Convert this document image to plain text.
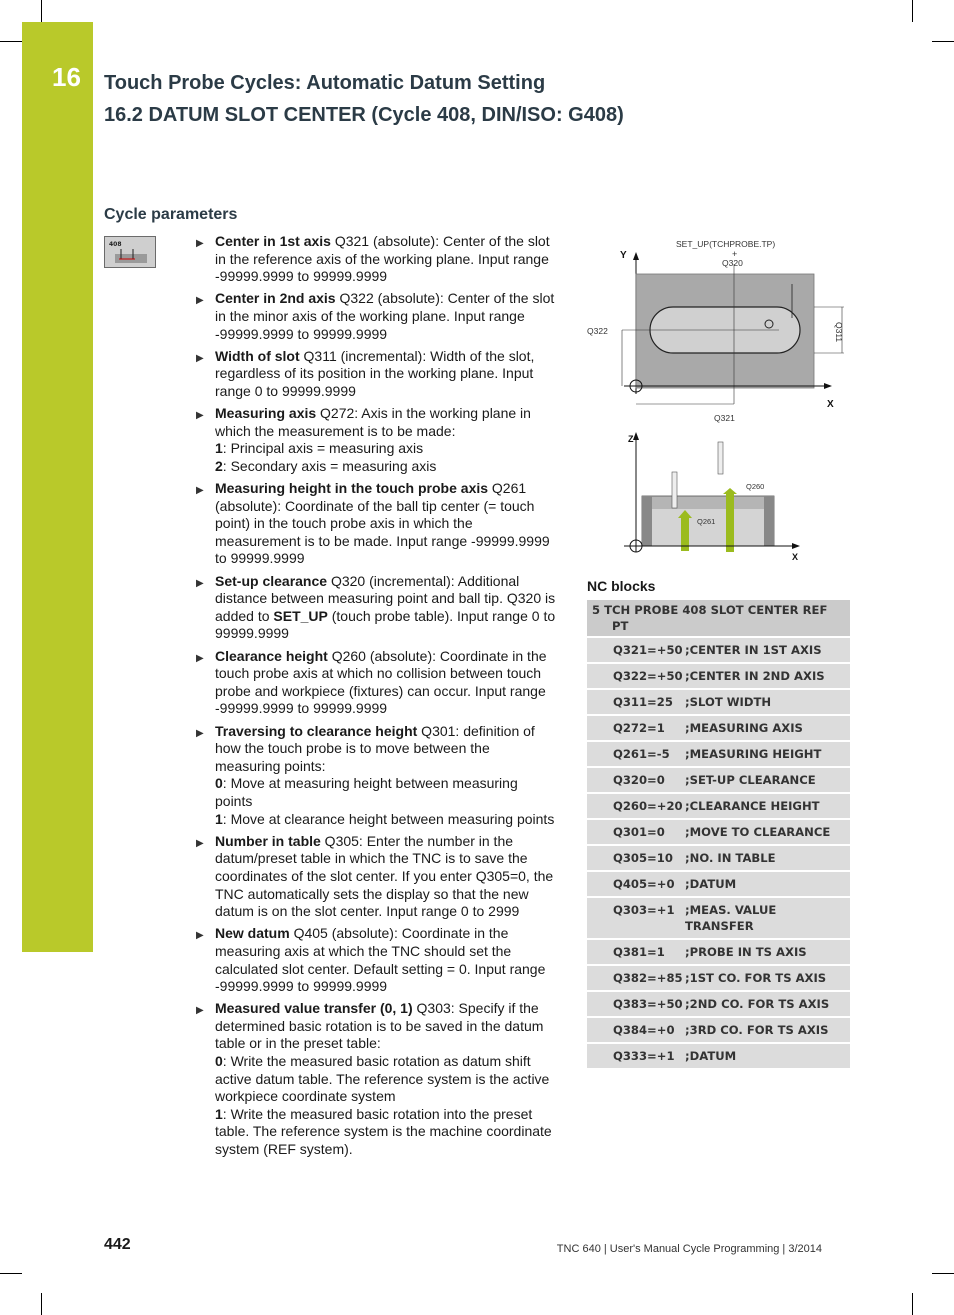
16 Touch Probe Cycles: Automatic Datum Setting
16.2 DATUM SLOT CENTER (Cycle 408, DIN/ISO: G408)
Cycle parameters
408	▶ Center in 1st axis Q321 (absolute): Center of the slot in the reference axis of the working plane. Input range -99999.9999 to 99999.9999
▶ Center in 2nd axis Q322 (absolute): Center of the slot in the minor axis of the working plane. Input range -99999.9999 to 99999.9999
▶ Width of slot Q311 (incremental): Width of the slot, regardless of its position in the working plane. Input range 0 to 99999.9999
▶ Measuring axis Q272: Axis in the working plane in which the measurement is to be made:
1: Principal axis = measuring axis
2: Secondary axis = measuring axis
▶ Measuring height in the touch probe axis Q261 (absolute): Coordinate of the ball tip center (= touch point) in the touch probe axis in which the measurement is to be made. Input range -99999.9999 to 99999.9999
▶ Set-up clearance Q320 (incremental): Additional distance between measuring point and ball tip. Q320 is added to SET_UP (touch probe table). Input range 0 to 99999.9999
▶ Clearance height Q260 (absolute): Coordinate in the touch probe axis at which no collision between touch probe and workpiece (fixtures) can occur. Input range -99999.9999 to 99999.9999
▶ Traversing to clearance height Q301: definition of how the touch probe is to move between the measuring points:
0: Move at measuring height between measuring points
1: Move at clearance height between measuring points
▶ Number in table Q305: Enter the number in the datum/preset table in which the TNC is to save the coordinates of the slot center. If you enter Q305=0, the TNC automatically sets the display so that the new datum is on the slot center. Input range 0 to 2999
▶ New datum Q405 (absolute): Coordinate in the measuring axis at which the TNC should set the calculated slot center. Default setting = 0. Input range -99999.9999 to 99999.9999
▶ Measured value transfer (0, 1) Q303: Specify if the determined basic rotation is to be saved in the datum table or in the preset table:
0: Write the measured basic rotation as datum shift active datum table. The reference system is the active workpiece coordinate system
1: Write the measured basic rotation into the preset table. The reference system is the machine coordinate system (REF system).
SET_UP(TCHPROBE.TP)
+
Q320
Y
Q322	Q311
X
Q321
Z
Q260
Q261
X
NC blocks
5 TCH PROBE 408 SLOT CENTER REF
PT	

Q321=+50	;CENTER IN 1ST AXIS
Q322=+50	;CENTER IN 2ND AXIS
Q311=25	;SLOT WIDTH
Q272=1	;MEASURING AXIS
Q261=-5	;MEASURING HEIGHT
Q320=0	;SET-UP CLEARANCE
Q260=+20	;CLEARANCE HEIGHT
Q301=0	;MOVE TO CLEARANCE
Q305=10	;NO. IN TABLE
Q405=+0	;DATUM
Q303=+1	;MEAS. VALUE TRANSFER
Q381=1	;PROBE IN TS AXIS
Q382=+85	;1ST CO. FOR TS AXIS
Q383=+50	;2ND CO. FOR TS AXIS
Q384=+0	;3RD CO. FOR TS AXIS
Q333=+1	;DATUM
442	TNC 640 | User's Manual Cycle Programming | 3/2014
